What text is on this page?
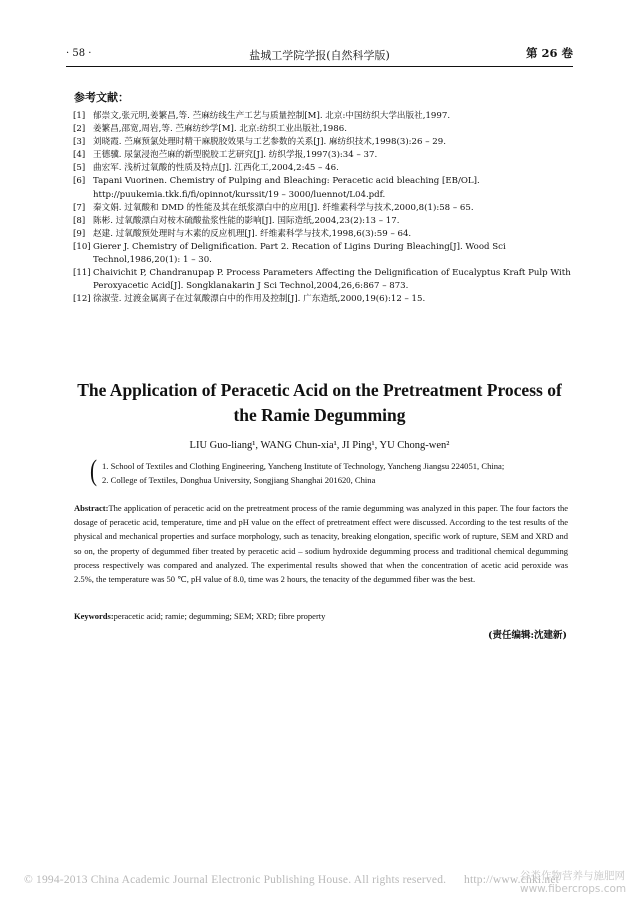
· 58 ·	盐城工学院学报(自然科学版)	第 26 卷
参考文献：
[1] 郁崇文,张元明,姜繁昌,等. 苎麻纺线生产工艺与质量控制[M]. 北京:中国纺织大学出版社,1997.
[2] 姜繁昌,邵宽,周岩,等. 苎麻纺纱学[M]. 北京:纺织工业出版社,1986.
[3] 刘晓霞. 苎麻预氯处理时精干麻脱胶效果与工艺参数的关系[J]. 麻纺织技术,1998(3):26 – 29.
[4] 王德骥. 尿氯浸泡苎麻的新型脱胶工艺研究[J]. 纺织学报,1997(3):34 – 37.
[5] 曲宏军. 浅析过氧酸的性质及特点[J]. 江西化工,2004,2:45 – 46.
[6] Tapani Vuorinen. Chemistry of Pulping and Bleaching: Peracetic acid bleaching [EB/OL]. http://puukemia.tkk.fi/fi/opinnot/kurssit/19 – 3000/luennot/L04.pdf.
[7] 秦文娟. 过氧酸和 DMD 的性能及其在纸浆漂白中的应用[J]. 纤维素科学与技术,2000,8(1):58 – 65.
[8] 陈彬. 过氧酸漂白对桉木硫酸盐浆性能的影响[J]. 国际造纸,2004,23(2):13 – 17.
[9] 赵建. 过氧酸预处理时与木素的反应机理[J]. 纤维素科学与技术,1998,6(3):59 – 64.
[10] Gierer J. Chemistry of Delignification. Part 2. Recation of Ligins During Bleaching[J]. Wood Sci Technol,1986,20(1): 1 – 30.
[11] Chaivichit P, Chandranupap P. Process Parameters Affecting the Delignification of Eucalyptus Kraft Pulp With Peroxyacetic Acid[J]. Songklanakarin J Sci Technol,2004,26,6:867 – 873.
[12] 徐淑莹. 过渡金属离子在过氧酸漂白中的作用及控制[J]. 广东造纸,2000,19(6):12 – 15.
The Application of Peracetic Acid on the Pretreatment Process of
the Ramie Degumming
LIU Guo-liang¹, WANG Chun-xia¹, JI Ping¹, YU Chong-wen²
( 1. School of Textiles and Clothing Engineering, Yancheng Institute of Technology, Yancheng Jiangsu 224051, China;
2. College of Textiles, Donghua University, Songjiang Shanghai 201620, China
Abstract:The application of peracetic acid on the pretreatment process of the ramie degumming was analyzed in this paper. The four factors the dosage of peracetic acid, temperature, time and pH value on the effect of pretreatment effect were discussed. According to the test results of the physical and mechanical properties and surface morphology, such as tenacity, breaking elongation, specific work of rupture, SEM and XRD and so on, the property of degummed fiber treated by peracetic acid – sodium hydroxide degumming process and traditional chemical degumming process respectively was compared and analyzed. The experimental results showed that when the concentration of acetic acid peroxide was 2.5%, the temperature was 50 ℃, pH value of 8.0, time was 2 hours, the tenacity of the degummed fiber was the best.
Keywords:peracetic acid; ramie; degumming; SEM; XRD; fibre property
(责任编辑:沈建新)
© 1994-2013 China Academic Journal Electronic Publishing House. All rights reserved. http://www.cnki.net
谷类作物营养与施肥网
www.fibercrops.com
